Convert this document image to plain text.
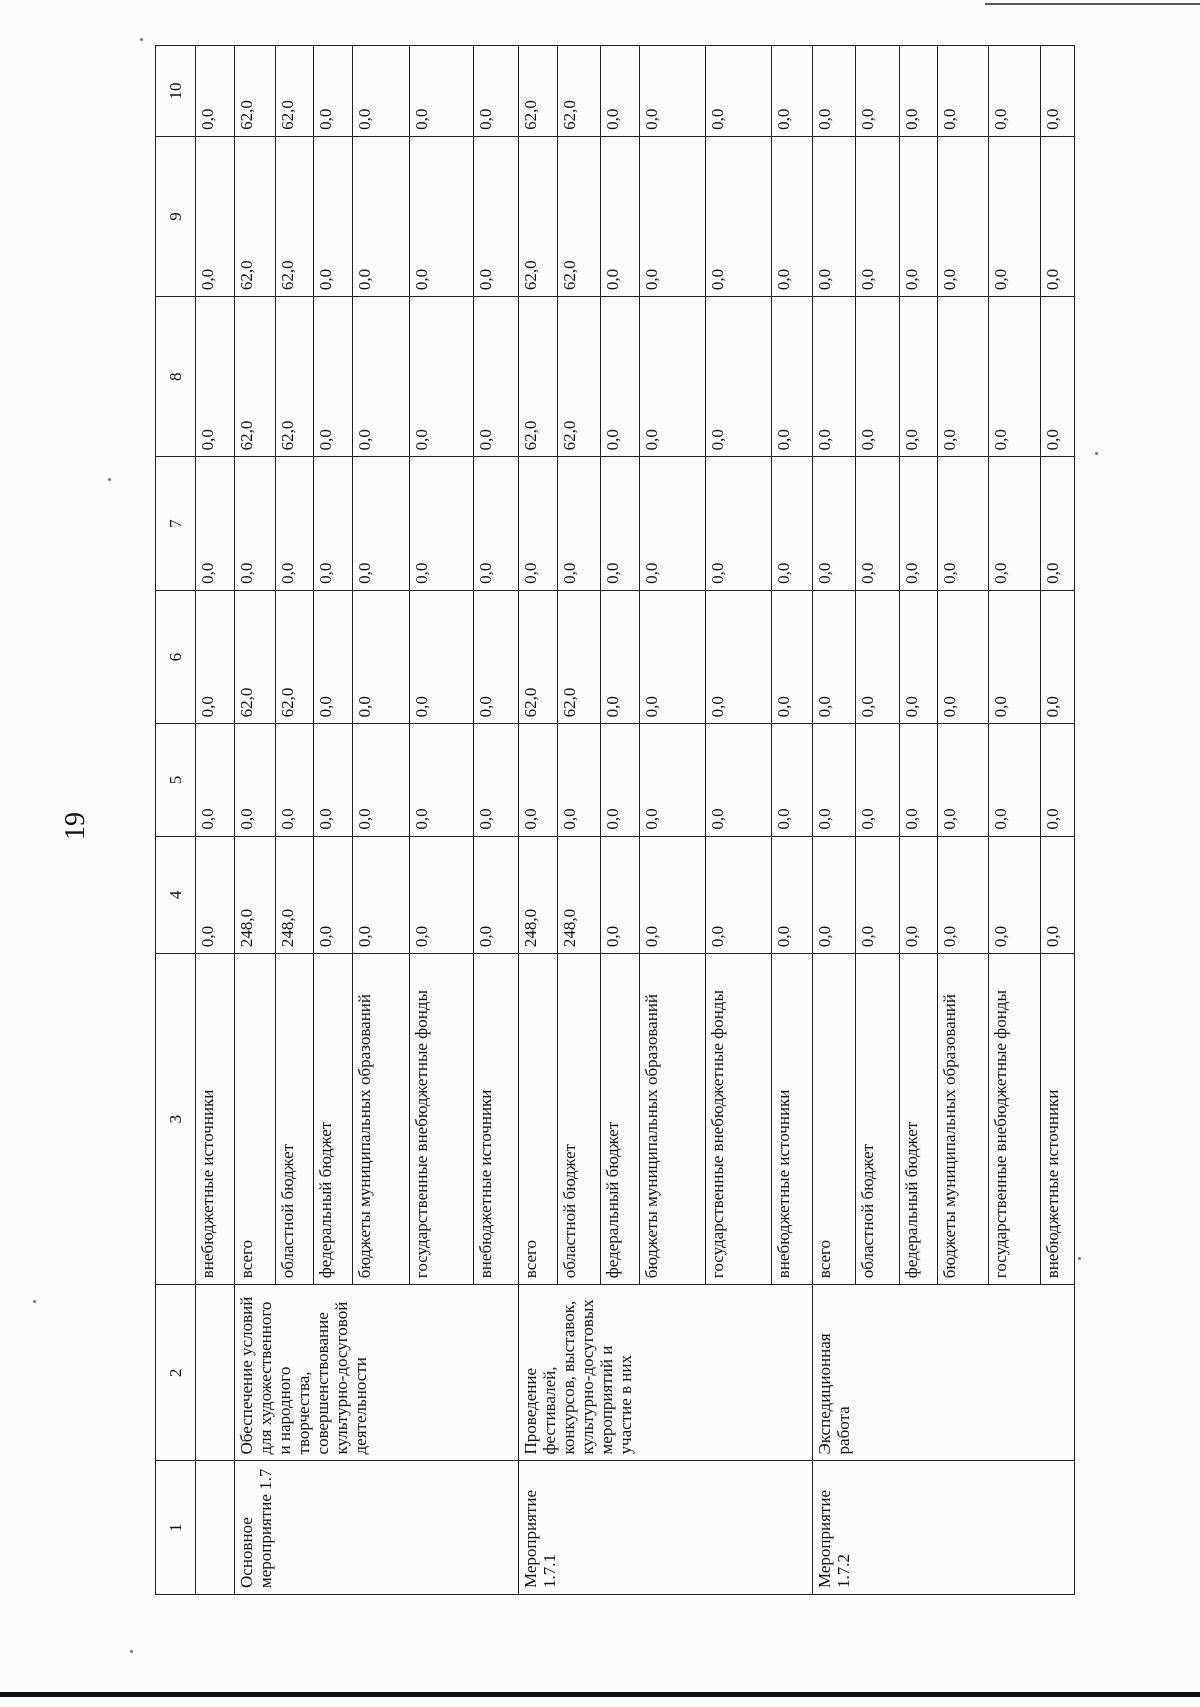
19
1	2	3	4	5	6	7	8	9	10
		внебюджетные источники	0,0	0,0	0,0	0,0	0,0	0,0	0,0
Основное мероприятие 1.7	Обеспечение условий для художественного и народного творчества, совершенствование культурно-досуговой деятельности	всего	248,0	0,0	62,0	0,0	62,0	62,0	62,0
		областной бюджет	248,0	0,0	62,0	0,0	62,0	62,0	62,0
		федеральный бюджет	0,0	0,0	0,0	0,0	0,0	0,0	0,0
		бюджеты муниципальных образований	0,0	0,0	0,0	0,0	0,0	0,0	0,0
		государственные внебюджетные фонды	0,0	0,0	0,0	0,0	0,0	0,0	0,0
		внебюджетные источники	0,0	0,0	0,0	0,0	0,0	0,0	0,0
Мероприятие 1.7.1	Проведение фестивалей, конкурсов, выставок, культурно-досуговых мероприятий и участие в них	всего	248,0	0,0	62,0	0,0	62,0	62,0	62,0
		областной бюджет	248,0	0,0	62,0	0,0	62,0	62,0	62,0
		федеральный бюджет	0,0	0,0	0,0	0,0	0,0	0,0	0,0
		бюджеты муниципальных образований	0,0	0,0	0,0	0,0	0,0	0,0	0,0
		государственные внебюджетные фонды	0,0	0,0	0,0	0,0	0,0	0,0	0,0
		внебюджетные источники	0,0	0,0	0,0	0,0	0,0	0,0	0,0
Мероприятие 1.7.2	Экспедиционная работа	всего	0,0	0,0	0,0	0,0	0,0	0,0	0,0
		областной бюджет	0,0	0,0	0,0	0,0	0,0	0,0	0,0
		федеральный бюджет	0,0	0,0	0,0	0,0	0,0	0,0	0,0
		бюджеты муниципальных образований	0,0	0,0	0,0	0,0	0,0	0,0	0,0
		государственные внебюджетные фонды	0,0	0,0	0,0	0,0	0,0	0,0	0,0
		внебюджетные источники	0,0	0,0	0,0	0,0	0,0	0,0	0,0
